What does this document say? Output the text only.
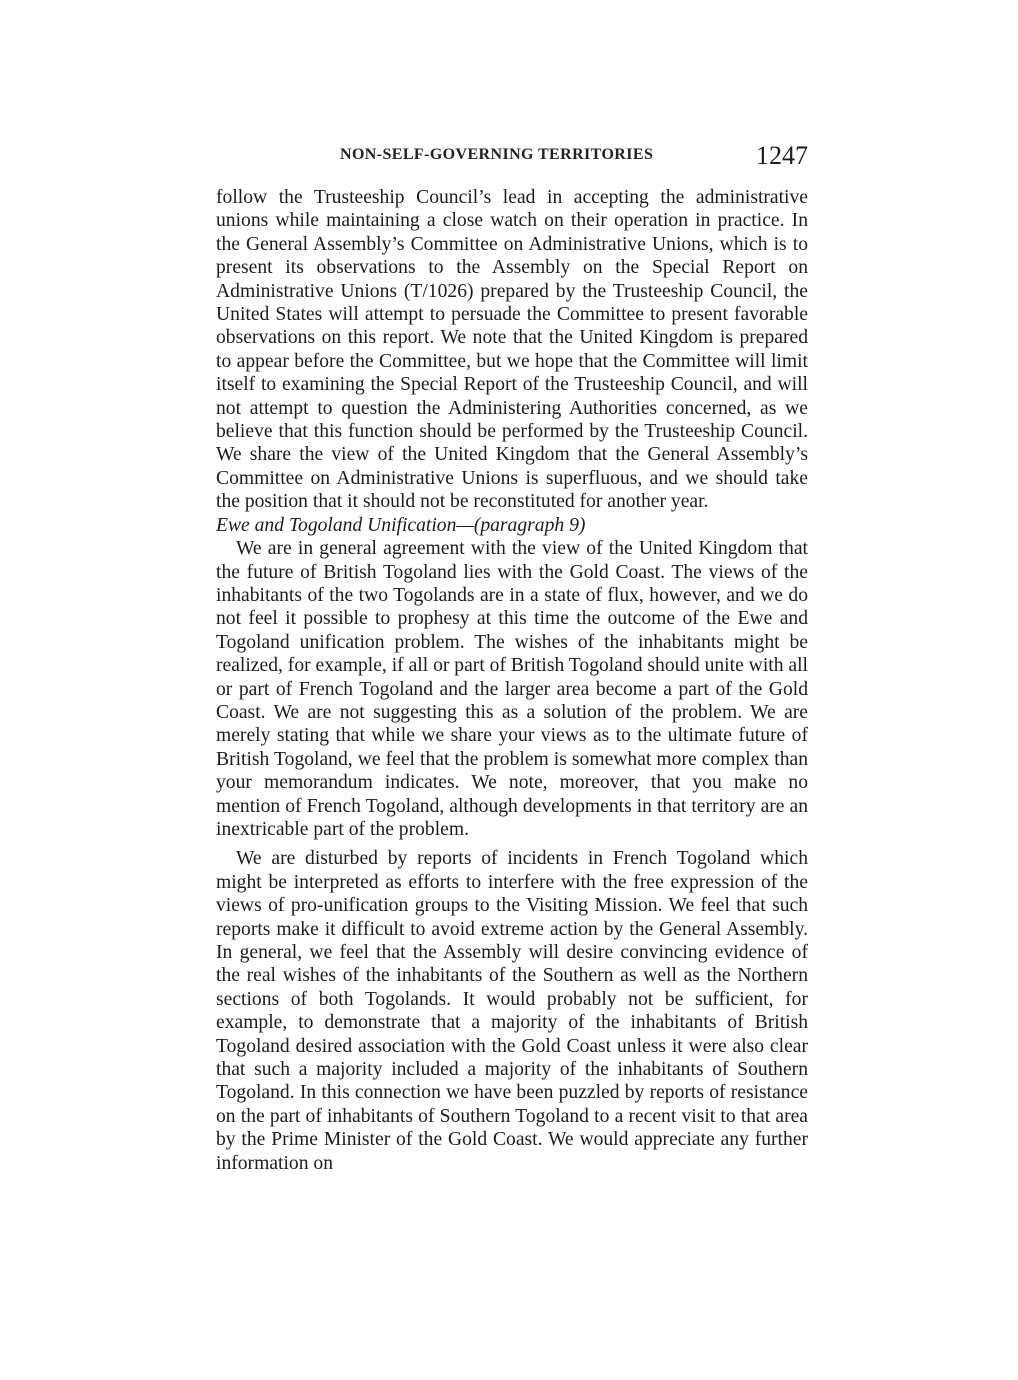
NON-SELF-GOVERNING TERRITORIES	1247

follow the Trusteeship Council’s lead in accepting the administrative unions while maintaining a close watch on their operation in practice. In the General Assembly’s Committee on Administrative Unions, which is to present its observations to the Assembly on the Special Report on Administrative Unions (T/1026) prepared by the Trusteeship Council, the United States will attempt to persuade the Committee to present favorable observations on this report. We note that the United Kingdom is prepared to appear before the Committee, but we hope that the Committee will limit itself to examining the Special Report of the Trusteeship Council, and will not attempt to question the Administering Authorities concerned, as we believe that this function should be performed by the Trusteeship Council. We share the view of the United Kingdom that the General Assembly’s Committee on Administrative Unions is superfluous, and we should take the position that it should not be reconstituted for another year.

Ewe and Togoland Unification—(paragraph 9)

We are in general agreement with the view of the United Kingdom that the future of British Togoland lies with the Gold Coast. The views of the inhabitants of the two Togolands are in a state of flux, however, and we do not feel it possible to prophesy at this time the outcome of the Ewe and Togoland unification problem. The wishes of the inhabitants might be realized, for example, if all or part of British Togoland should unite with all or part of French Togoland and the larger area become a part of the Gold Coast. We are not suggesting this as a solution of the problem. We are merely stating that while we share your views as to the ultimate future of British Togoland, we feel that the problem is somewhat more complex than your memorandum indicates. We note, moreover, that you make no mention of French Togoland, although developments in that territory are an inextricable part of the problem.

We are disturbed by reports of incidents in French Togoland which might be interpreted as efforts to interfere with the free expression of the views of pro-unification groups to the Visiting Mission. We feel that such reports make it difficult to avoid extreme action by the General Assembly. In general, we feel that the Assembly will desire convincing evidence of the real wishes of the inhabitants of the Southern as well as the Northern sections of both Togolands. It would probably not be sufficient, for example, to demonstrate that a majority of the inhabitants of British Togoland desired association with the Gold Coast unless it were also clear that such a majority included a majority of the inhabitants of Southern Togoland. In this connection we have been puzzled by reports of resistance on the part of inhabitants of Southern Togoland to a recent visit to that area by the Prime Minister of the Gold Coast. We would appreciate any further information on
